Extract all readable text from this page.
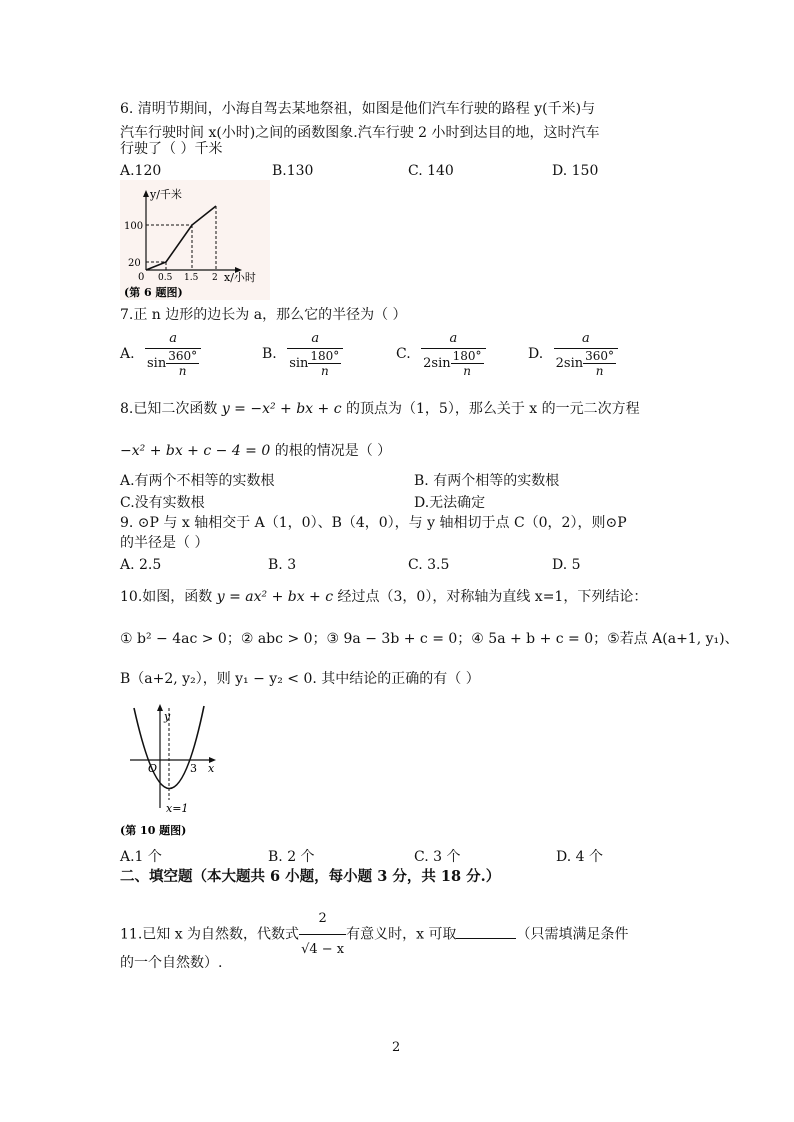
6. 清明节期间，小海自驾去某地祭祖，如图是他们汽车行驶的路程 y(千米)与
汽车行驶时间 x(小时)之间的函数图象.汽车行驶 2 小时到达目的地，这时汽车
行驶了（ ）千米
A.120	B.130	C. 140	D. 150
y/千米
100
20
0 0.5 1.5 2 x/小时
(第 6 题图)
7.正 n 边形的边长为 a，那么它的半径为（ ）
A. $\frac{a}{\sin \frac{360^\circ}{n}}$	B. $\frac{a}{\sin \frac{180^\circ}{n}}$	C. $\frac{a}{2\sin \frac{180^\circ}{n}}$	D. $\frac{a}{2\sin \frac{360^\circ}{n}}$
8.已知二次函数 y = −x² + bx + c 的顶点为（1，5），那么关于 x 的一元二次方程
−x² + bx + c − 4 = 0 的根的情况是（ ）
A.有两个不相等的实数根	B. 有两个相等的实数根
C.没有实数根	D.无法确定
9. ⊙P 与 x 轴相交于 A（1，0）、B（4，0），与 y 轴相切于点 C（0，2），则⊙P
的半径是（ ）
A. 2.5	B. 3	C. 3.5	D. 5
10.如图，函数 y = ax² + bx + c 经过点（3，0），对称轴为直线 x=1，下列结论：
① b² − 4ac > 0；② abc > 0；③ 9a − 3b + c = 0；④ 5a + b + c = 0；⑤若点 A(a+1, y₁)、
B（a+2, y₂），则 y₁ − y₂ < 0. 其中结论的正确的有（ ）
y
O	3 x
x=1
(第 10 题图)
A.1 个	B. 2 个	C. 3 个	D. 4 个
二、填空题（本大题共 6 小题，每小题 3 分，共 18 分.）
11.已知 x 为自然数，代数式 $\frac{2}{√4 - x}$ 有意义时，x 可取	（只需填满足条件
的一个自然数）.
2
